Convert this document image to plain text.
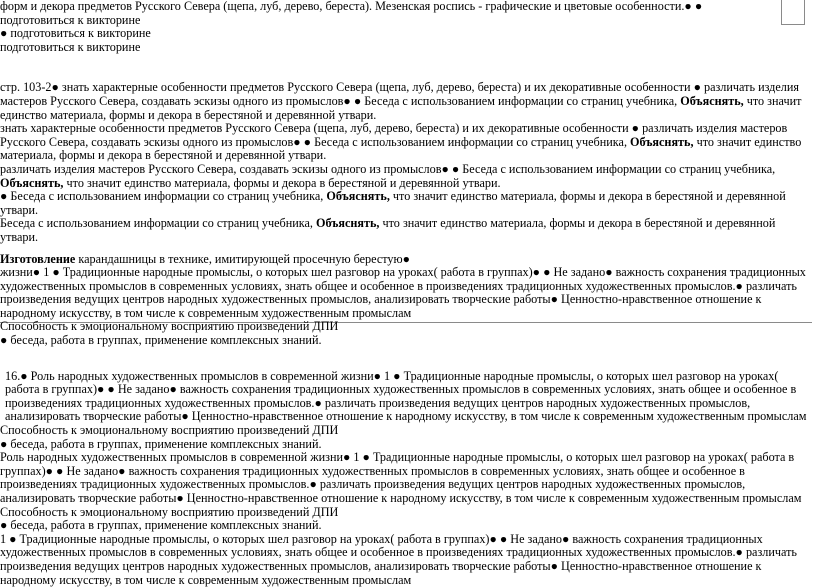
форм и декора предметов Русского Севера (щепа, луб, дерево, береста). Мезенская роспись - графические и цветовые особенности.● ● подготовиться к викторине

● подготовиться к викторине

подготовиться к викторине

стр. 103-2● знать характерные особенности предметов Русского Севера (щепа, луб, дерево, береста) и их декоративные особенности ● различать изделия мастеров Русского Севера, создавать эскизы одного из промыслов● ● Беседа с использованием информации со страниц учебника, Объяснять, что значит единство материала, формы и декора в берестяной и деревянной утвари.

знать характерные особенности предметов Русского Севера (щепа, луб, дерево, береста) и их декоративные особенности ● различать изделия мастеров Русского Севера, создавать эскизы одного из промыслов● ● Беседа с использованием информации со страниц учебника, Объяснять, что значит единство материала, формы и декора в берестяной и деревянной утвари.

различать изделия мастеров Русского Севера, создавать эскизы одного из промыслов● ● Беседа с использованием информации со страниц учебника, Объяснять, что значит единство материала, формы и декора в берестяной и деревянной утвари.

● Беседа с использованием информации со страниц учебника, Объяснять, что значит единство материала, формы и декора в берестяной и деревянной утвари.

Беседа с использованием информации со страниц учебника, Объяснять, что значит единство материала, формы и декора в берестяной и деревянной утвари.

Изготовление карандашницы в технике, имитирующей просечную берестую●

жизни● 1 ● Традиционные народные промыслы, о которых шел разговор на уроках( работа в группах)● ● Не задано● важность сохранения традиционных художественных промыслов в современных условиях, знать общее и особенное в произведениях традиционных художественных промыслов.● различать произведения ведущих центров народных художественных промыслов, анализировать творческие работы● Ценностно-нравственное отношение к народному искусству, в том числе к современным художественным промыслам

Способность к эмоциональному восприятию произведений ДПИ

● беседа, работа в группах, применение комплексных знаний.

16.● Роль народных художественных промыслов в современной жизни● 1 ● Традиционные народные промыслы, о которых шел разговор на уроках( работа в группах)● ● Не задано● важность сохранения традиционных художественных промыслов в современных условиях, знать общее и особенное в произведениях традиционных художественных промыслов.● различать произведения ведущих центров народных художественных промыслов, анализировать творческие работы● Ценностно-нравственное отношение к народному искусству, в том числе к современным художественным промыслам

Способность к эмоциональному восприятию произведений ДПИ

● беседа, работа в группах, применение комплексных знаний.

Роль народных художественных промыслов в современной жизни● 1 ● Традиционные народные промыслы, о которых шел разговор на уроках( работа в группах)● ● Не задано● важность сохранения традиционных художественных промыслов в современных условиях, знать общее и особенное в произведениях традиционных художественных промыслов.● различать произведения ведущих центров народных художественных промыслов, анализировать творческие работы● Ценностно-нравственное отношение к народному искусству, в том числе к современным художественным промыслам

Способность к эмоциональному восприятию произведений ДПИ

● беседа, работа в группах, применение комплексных знаний.

1 ● Традиционные народные промыслы, о которых шел разговор на уроках( работа в группах)● ● Не задано● важность сохранения традиционных художественных промыслов в современных условиях, знать общее и особенное в произведениях традиционных художественных промыслов.● различать произведения ведущих центров народных художественных промыслов, анализировать творческие работы● Ценностно-нравственное отношение к народному искусству, в том числе к современным художественным промыслам
